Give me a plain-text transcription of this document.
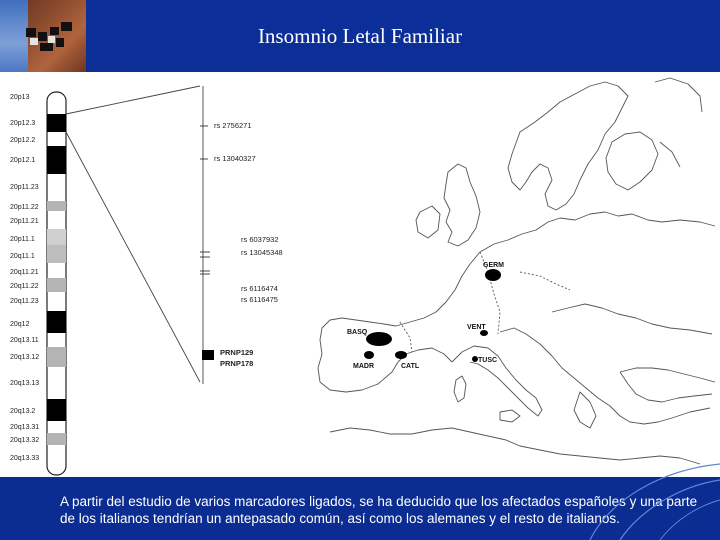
Insomnio Letal Familiar
20p13
20p12.3
20p12.2
20p12.1
20p11.23
20p11.22
20p11.21
20p11.1
20q11.1
20q11.21
20q11.22
20q11.23
20q12
20q13.11
20q13.12
20q13.13
20q13.2
20q13.31
20q13.32
20q13.33
rs 2756271
rs 13040327
rs 6037932
rs 13045348
rs 6116474
rs 6116475
PRNP129
PRNP178
GERM
BASQ
MADR	CATL
VENT
TUSC
A partir del estudio de varios marcadores ligados, se ha deducido que los afectados españoles y una parte de los italianos tendrían un antepasado común, así como los alemanes y el resto de italianos.
